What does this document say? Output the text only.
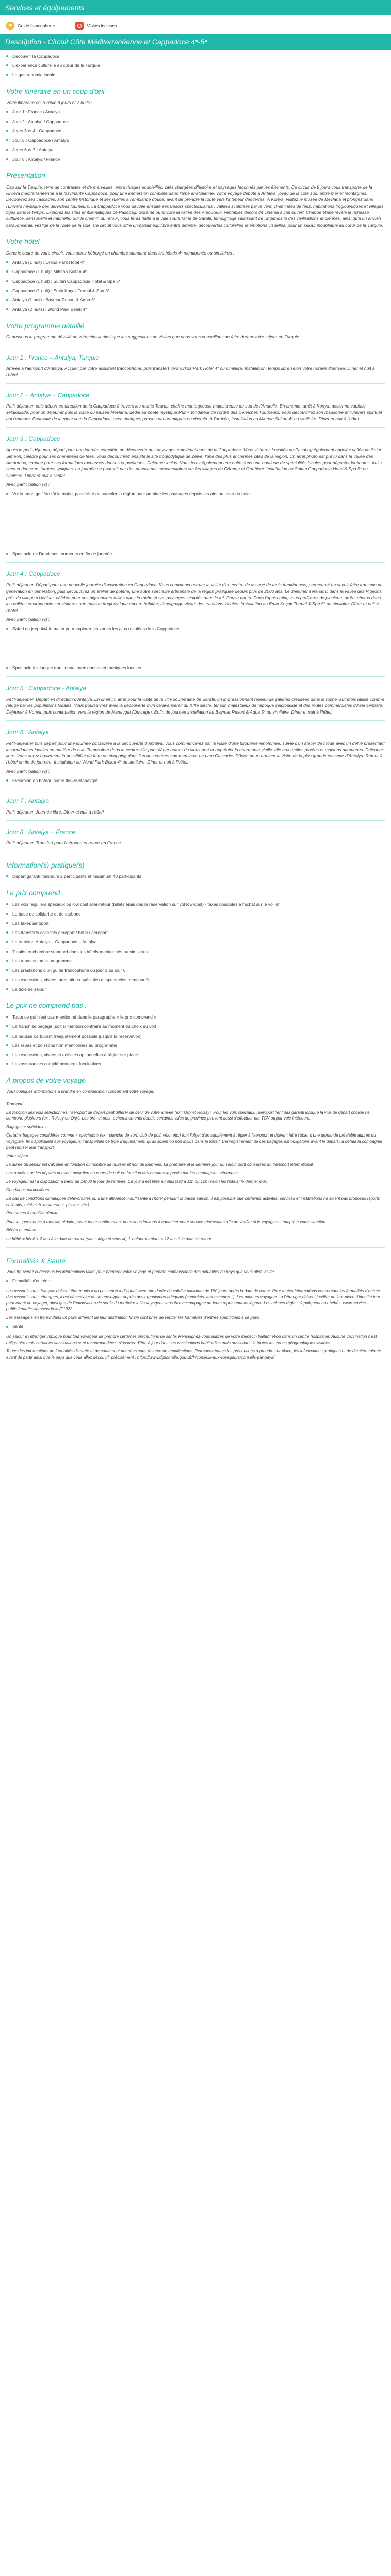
Services et équipements
Guide francophone	Visites incluses
Description - Circuit Côte Méditerranéenne et Cappadoce 4*-5*
Découvrir la Cappadoce
L'expérience culturelle au cœur de la Turquie
La gastronomie locale
Votre itinéraire en un coup d'œil

Votre itinéraire en Turquie 8 jours et 7 nuits :

Jour 1 : France / Antalya
Jour 2 : Antalya / Cappadoce
Jours 3 et 4 : Cappadoce
Jour 5 : Cappadoce / Antalya
Jours 6 et 7 : Antalya
Jour 8 : Antalya / France
Présentation

Cap sur la Turquie, terre de contrastes et de merveilles, entre rivages ensoleillés, cités chargées d'histoire et paysages façonnés par les éléments. Ce circuit de 8 jours vous transporte de la Riviera méditerranéenne à la fascinante Cappadoce, pour une immersion complète dans l'âme anatolienne. Votre voyage débute à Antalya, joyau de la côte sud, entre mer et montagnes. Découvrez ses cascades, son centre historique et ses ruelles à l'ambiance douce, avant de prendre la route vers l'intérieur des terres. À Konya, visitez le musée de Mevlana et plongez dans l'univers mystique des derviches tourneurs. La Cappadoce vous dévoile ensuite ses trésors spectaculaires : vallées sculptées par le vent, cheminées de fées, habitations troglodytiques et villages figés dans le temps. Explorez les sites emblématiques de Pasabag, Göreme ou encore la vallée des Amoureux, véritables décors de cinéma à ciel ouvert. Chaque étape révèle la richesse culturelle, sensorielle et naturelle. Sur le chemin du retour, vous ferez halte à la ville souterraine de Saratli, témoignage saisissant de l'ingéniosité des civilisations anciennes, ainsi qu'à un ancien caravansérail, vestige de la route de la soie. Ce circuit vous offre un parfait équilibre entre détente, découvertes culturelles et émotions visuelles, pour un séjour inoubliable au cœur de la Turquie.

Votre hôtel

Dans le cadre de votre circuit, vous serez hébergé en chambre standard dans les hôtels 4* mentionnés ou similaires :

Antalya (1 nuit) : Orkoa Park Hotel 4*
Cappadoce (1 nuit) : Mihrian Sultan 4*
Cappadoce (1 nuit) : Sultan Cappadocia Hotel & Spa 5*
Cappadoce (1 nuit) : Emin Koçak Termal & Spa 5*
Antalya (1 nuit) : Baymar Resort & Aqua 5*
Antalya (2 nuits) : World Park Belek 4*
Votre programme détaillé

Ci-dessous le programme détaillé de votre circuit ainsi que les suggestions de visites que nous vous conseillons de faire durant votre séjour en Turquie.

Jour 1 : France – Antalya, Turquie

Arrivée à l'aéroport d'Antalya. Accueil par votre assistant francophone, puis transfert vers Orkoa Park Hotel 4* ou similaire. Installation, temps libre selon votre horaire d'arrivée. Dîner et nuit à l'hôtel.

Jour 2 – Antalya – Cappadoce

Petit-déjeuner, puis départ en direction de la Cappadoce à travers les monts Taurus, chaîne montagneuse majestueuse du sud de l'Anatolie. En chemin, arrêt à Konya, ancienne capitale seldjoukide, pour un déjeuner puis la visite du musée Mevlana, dédié au poète mystique Rumi, fondateur de l'ordre des Derviches Tourneurs. Vous découvrirez son mausolée et l'univers spirituel qui l'entoure. Poursuite de la route vers la Cappadoce, avec quelques pauses panoramiques en chemin. À l'arrivée, installation au Mihrian Sultan 4* ou similaire. Dîner et nuit à l'hôtel.

Jour 3 : Cappadoce

Après le petit-déjeuner, départ pour une journée complète de découverte des paysages emblématiques de la Cappadoce. Vous visiterez la vallée de Pasabag également appelée vallée de Saint Siméon, célèbre pour ses cheminées de fées. Vous découvrirez ensuite le site troglodytique de Zelve, l'une des plus anciennes cités de la région. Un arrêt photo est prévu dans la vallée des Amoureux, connue pour ses formations rocheuses douces et poétiques. Déjeuner inclus. Vous ferez également une halte dans une boutique de spécialités locales pour déguster loukoums, fruits secs et douceurs turques typiques. La journée se poursuit par des panoramas spectaculaires sur les villages de Göreme et Ortahisar. Installation au Sultan Cappadocia Hotel & Spa 5* ou similaire. Dîner et nuit à l'hôtel.

Avec participation (€) :

Vol en montgolfière tôt le matin, possibilité de survoler la région pour admirer les paysages depuis les airs au lever du soleil
Spectacle de Derviches tourneurs en fin de journée
Jour 4 : Cappadoce

Petit-déjeuner. Départ pour une nouvelle journée d'exploration en Cappadoce. Vous commencerez par la visite d'un centre de tissage de tapis traditionnels, permettant un savoir-faire transmis de génération en génération, puis découvrirez un atelier de poterie, une autre spécialité artisanale de la région pratiquée depuis plus de 2000 ans. Le déjeuner sera servi dans la vallée des Pigeons, près du village d'Uçhisar, célèbre pour ses pigeonniers taillés dans la roche et ses paysages sculptés dans le tuf. Pause photo. Dans l'après-midi, vous profiterez de plusieurs arrêts photos dans les vallées environnantes et visiterez une maison troglodytique encore habitée, témoignage vivant des traditions locales. Installation au Emin Koçak Termal & Spa 5* ou similaire. Dîner et nuit à l'hôtel.

Avec participation (€) :

Safari en jeep 4x4 le matin pour explorer les zones les plus reculées de la Cappadoce
Spectacle folklorique traditionnel avec danses et musiques locales
Jour 5 : Cappadoce - Antalya

Petit-déjeuner. Départ en direction d'Antalya. En chemin, arrêt pour la visite de la ville souterraine de Saratli, un impressionnant réseau de galeries creusées dans la roche, autrefois utilisé comme refuge par les populations locales. Vous poursuivrez avec la découverte d'un caravansérail du XIIIe siècle, témoin majestueux de l'époque seldjoukide et des routes commerciales d'Asie centrale. Déjeuner à Konya, puis continuation vers la région de Manavgat (Ouvrage). Enfin de journée installation au Baymar Resort & Aqua 5* ou similaire. Dîner et nuit à l'hôtel.

Jour 6 : Antalya

Petit-déjeuner puis départ pour une journée consacrée à la découverte d'Antalya. Vous commencerez par la visite d'une bijouterie renommée, suivie d'un atelier de mode avec un défilé présentant les tendances locales en matière de cuir. Temps libre dans le centre-ville pour flâner autour du vieux port et apprécier la charmante vieille ville aux ruelles pavées et maisons ottomanes. Déjeuner libre. Vous aurez également la possibilité de faire du shopping dans l'un des centres commerciaux. Le parc Cascades Düden pour terminer la visite de la plus grande cascade d'Antalya. Retour à l'hôtel en fin de journée. Installation au World Park Belek 4* ou similaire. Dîner et nuit à l'hôtel.

Avec participation (€) :

Excursion en bateau sur le fleuve Manavgat.
Jour 7 : Antalya

Petit-déjeuner. Journée libre. Dîner et nuit à l'hôtel.

Jour 8 : Antalya – France

Petit-déjeuner. Transfert pour l'aéroport et retour en France.

Information(s) pratique(s)
Départ garanti minimum 2 participants et maximum 40 participants
Le prix comprend :
Les vols réguliers spéciaux ou low cost aller-retour (billets émis dès la réservation sur vol low-cost) - taxes possibles à l'achat sur le voilier
La base de solidarité et de carbone
Les taxes aéroport
Les transferts collectifs aéroport / hôtel / aéroport
Le transfert Antalya – Cappadoce – Antalya
7 nuits en chambre standard dans les hôtels mentionnés ou similaires
Les repas selon le programme
Les prestations d'un guide francophone du jour 2 au jour 6
Les excursions, visites, prestations spéciales et spectacles mentionnés
La taxe de séjour
Le prix ne comprend pas :
Toute ce qui n'est pas mentionné dans le paragraphe « le prix comprend »
La franchise bagage (soit si mention contraire au moment du choix du vol)
La hausse carburant (réajustement possible jusqu'à la réservation)
Les repas et boissons non mentionnés au programme
Les excursions, visites et activités optionnelles à régler sur place
Les assurances complémentaires facultatives
À propos de votre voyage

Voici quelques informations à prendre en considération concernant votre voyage.

Transport

En fonction des vols sélectionnés, l'aéroport de départ peut différer de celui de votre arrivée (ex : Orly et Roissy). Pour les vols spéciaux, l'aéroport tient pas garanti lorsque la ville de départ choisie ne comporte plusieurs (ex : Roissy ou Orly). Les pré- et post- acheminements depuis certaines villes de province peuvent aussi s'effectuer par TGV ou par voie intérieure.

Bagages « spéciaux »

Certains bagages considérés comme « spéciaux » (ex : planche de surf, club de golf, vélo, etc.) font l'objet d'un supplément à régler à l'aéroport et doivent faire l'objet d'une demande préalable auprès du voyagiste. Ils s'appliquent aux voyageurs transportant ce type d'équipement, qu'ils soient ou non inclus dans le forfait. L'enregistrement de ces bagages est obligatoire avant le départ ; à défaut la compagnie peut refuser leur transport.

Votre séjour

La durée du séjour est calculée en fonction du nombre de nuitées et non de journées. La première et la dernière jour du séjour sont consacrés au transport international.

Les arrivées ou les départs peuvent avoir lieu au cours de nuit en fonction des horaires imposés par les compagnies aériennes.

Le voyageur est à disposition à partir de 14h00 le jour de l'arrivée. Ce jour il est libre au plus tard à 11h ou 12h (selon les hôtels) le dernier jour.

Conditions particulières

En cas de conditions climatiques défavorables ou d'une affluence insuffisante à l'hôtel pendant la basse saison, il est possible que certaines activités, services et installations ne soient pas proposés (sports collectifs, mini-club, restaurants, piscine, etc.)

Personnes à mobilité réduite

Pour les personnes à mobilité réduite, avant toute confirmation, nous vous invitons à contacter notre service réservation afin de vérifier si le voyage est adapté à votre situation.

Bébés et enfants

Le bébé = bébé < 2 ans à la date de retour (sans siège et sans lit). L'enfant = enfant < 12 ans à la date du retour.

Formalités & Santé

Vous trouverez ci-dessous les informations utiles pour préparer votre voyage et prendre connaissance des actualités du pays que vous allez visiter.

Formalités d'entrée :

Les ressortissants français doivent être munis d'un passeport individuel avec une durée de validité minimum de 150 jours après la date de retour. Pour toutes informations concernant les formalités d'entrée des ressortissants étrangers, il est nécessaire de se renseigner auprès des organismes adéquats (consulats, ambassades...). Les mineurs voyageant à l'étranger doivent justifier de leur pièce d'identité leur permettant de voyager, ainsi que de l'autorisation de sortie du territoire « Un voyageur sans être accompagné de leurs représentants légaux. Les mêmes règles s'appliquent aux bébés. www.service-public.fr/particuliers/vosdroits/F1922

Les passagers en transit dans un pays différent de leur destination finale sont priés de vérifier les formalités d'entrée spécifiques à ce pays.

Santé

Un séjour à l'étranger implique pour tout voyageur de prendre certaines précautions de santé. Renseignez-vous auprès de votre médecin traitant et/ou dans un centre hospitalier. Aucune vaccination n'est obligatoire mais certaines vaccinations sont recommandées : s'assurer d'être à jour dans ses vaccinations habituelles mais aussi dans le toutes les zones géographiques visitées.

Toutes les informations de formalités d'entrée et de santé sont données sous réserve de modifications. Retrouvez toutes les précautions à prendre sur place, les informations pratiques et de dernière minute avant de partir ainsi que le pays que vous allez découvrir précisément : https://www.diplomatie.gouv.fr/fr/conseils-aux-voyageurs/conseils-par-pays/
